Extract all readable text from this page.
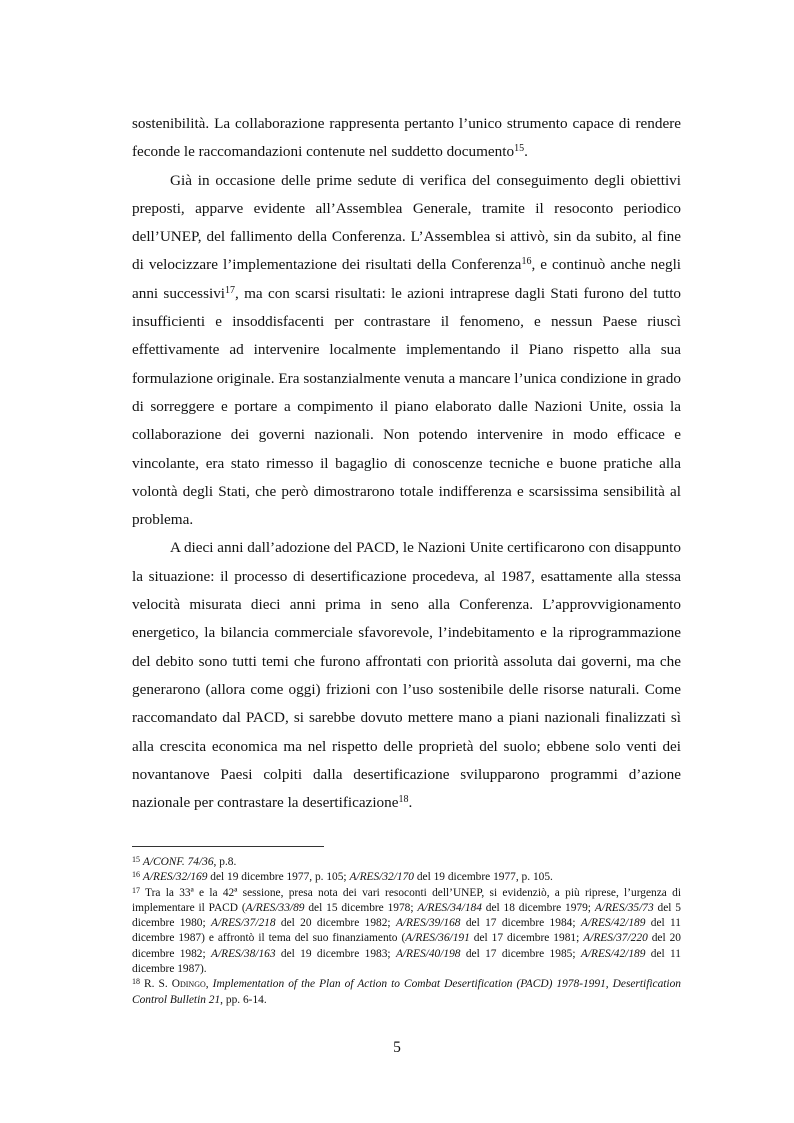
sostenibilità. La collaborazione rappresenta pertanto l’unico strumento capace di rendere feconde le raccomandazioni contenute nel suddetto documento$^{15}$.

Già in occasione delle prime sedute di verifica del conseguimento degli obiettivi preposti, apparve evidente all’Assemblea Generale, tramite il resoconto periodico dell’UNEP, del fallimento della Conferenza. L’Assemblea si attivò, sin da subito, al fine di velocizzare l’implementazione dei risultati della Conferenza$^{16}$, e continuò anche negli anni successivi$^{17}$, ma con scarsi risultati: le azioni intraprese dagli Stati furono del tutto insufficienti e insoddisfacenti per contrastare il fenomeno, e nessun Paese riuscì effettivamente ad intervenire localmente implementando il Piano rispetto alla sua formulazione originale. Era sostanzialmente venuta a mancare l’unica condizione in grado di sorreggere e portare a compimento il piano elaborato dalle Nazioni Unite, ossia la collaborazione dei governi nazionali. Non potendo intervenire in modo efficace e vincolante, era stato rimesso il bagaglio di conoscenze tecniche e buone pratiche alla volontà degli Stati, che però dimostrarono totale indifferenza e scarsissima sensibilità al problema.

A dieci anni dall’adozione del PACD, le Nazioni Unite certificarono con disappunto la situazione: il processo di desertificazione procedeva, al 1987, esattamente alla stessa velocità misurata dieci anni prima in seno alla Conferenza. L’approvvigionamento energetico, la bilancia commerciale sfavorevole, l’indebitamento e la riprogrammazione del debito sono tutti temi che furono affrontati con priorità assoluta dai governi, ma che generarono (allora come oggi) frizioni con l’uso sostenibile delle risorse naturali. Come raccomandato dal PACD, si sarebbe dovuto mettere mano a piani nazionali finalizzati sì alla crescita economica ma nel rispetto delle proprietà del suolo; ebbene solo venti dei novantanove Paesi colpiti dalla desertificazione svilupparono programmi d’azione nazionale per contrastare la desertificazione$^{18}$.

$^{15}$ A/CONF. 74/36, p.8.

$^{16}$ A/RES/32/169 del 19 dicembre 1977, p. 105; A/RES/32/170 del 19 dicembre 1977, p. 105.

$^{17}$ Tra la 33ª e la 42ª sessione, presa nota dei vari resoconti dell’UNEP, si evidenziò, a più riprese, l’urgenza di implementare il PACD (A/RES/33/89 del 15 dicembre 1978; A/RES/34/184 del 18 dicembre 1979; A/RES/35/73 del 5 dicembre 1980; A/RES/37/218 del 20 dicembre 1982; A/RES/39/168 del 17 dicembre 1984; A/RES/42/189 del 11 dicembre 1987) e affrontò il tema del suo finanziamento (A/RES/36/191 del 17 dicembre 1981; A/RES/37/220 del 20 dicembre 1982; A/RES/38/163 del 19 dicembre 1983; A/RES/40/198 del 17 dicembre 1985; A/RES/42/189 del 11 dicembre 1987).

$^{18}$ R. S. Odingo, Implementation of the Plan of Action to Combat Desertification (PACD) 1978-1991, Desertification Control Bulletin 21, pp. 6-14.

5
